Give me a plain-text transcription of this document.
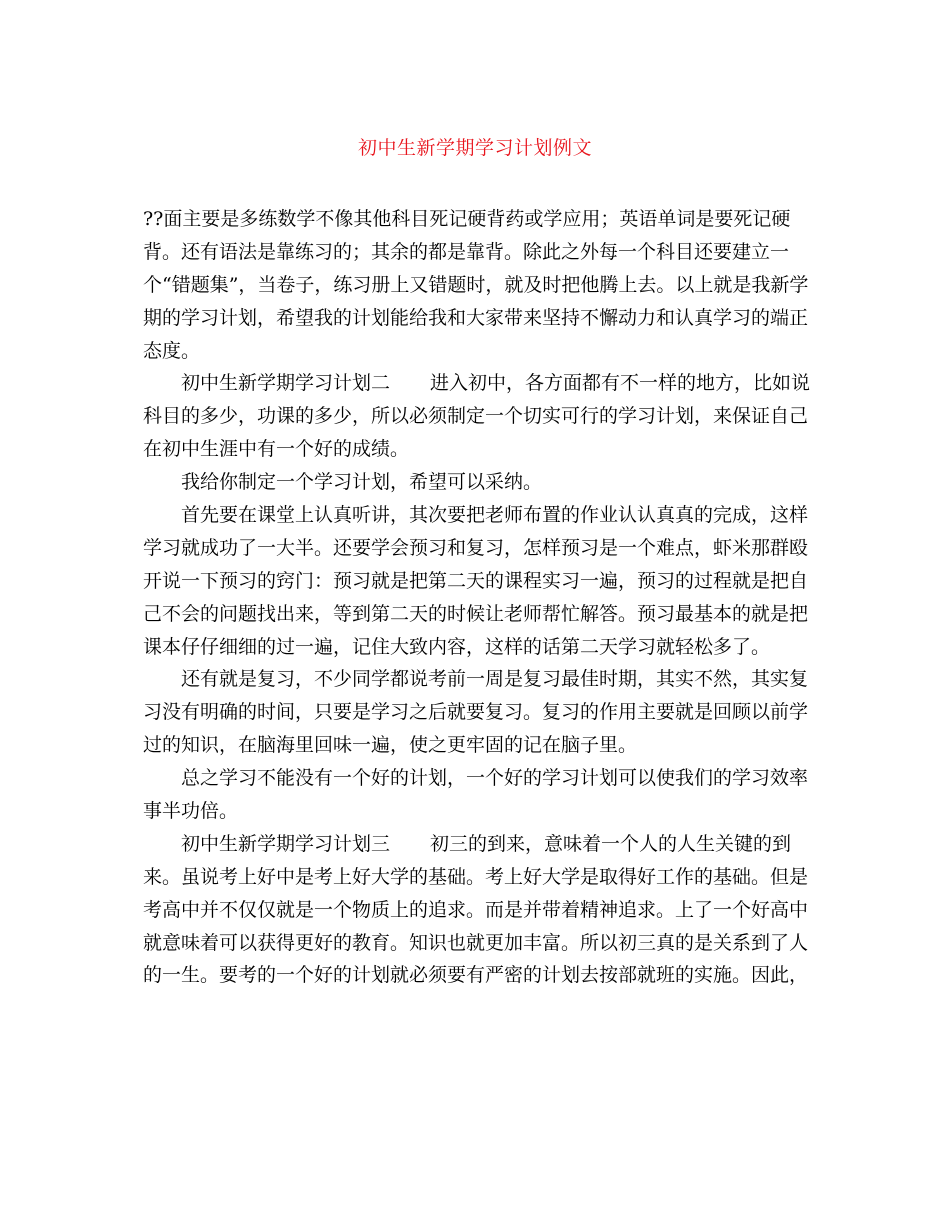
初中生新学期学习计划例文
??面主要是多练数学不像其他科目死记硬背药或学应用；英语单词是要死记硬
背。还有语法是靠练习的；其余的都是靠背。除此之外每一个科目还要建立一
个“错题集”，当卷子，练习册上又错题时，就及时把他腾上去。以上就是我新学
期的学习计划，希望我的计划能给我和大家带来坚持不懈动力和认真学习的端正
态度。
初中生新学期学习计划二 进入初中，各方面都有不一样的地方，比如说
科目的多少，功课的多少，所以必须制定一个切实可行的学习计划，来保证自己
在初中生涯中有一个好的成绩。
我给你制定一个学习计划，希望可以采纳。
首先要在课堂上认真听讲，其次要把老师布置的作业认认真真的完成，这样
学习就成功了一大半。还要学会预习和复习，怎样预习是一个难点，虾米那群殴
开说一下预习的窍门：预习就是把第二天的课程实习一遍，预习的过程就是把自
己不会的问题找出来，等到第二天的时候让老师帮忙解答。预习最基本的就是把
课本仔仔细细的过一遍，记住大致内容，这样的话第二天学习就轻松多了。
还有就是复习，不少同学都说考前一周是复习最佳时期，其实不然，其实复
习没有明确的时间，只要是学习之后就要复习。复习的作用主要就是回顾以前学
过的知识，在脑海里回味一遍，使之更牢固的记在脑子里。
总之学习不能没有一个好的计划，一个好的学习计划可以使我们的学习效率
事半功倍。
初中生新学期学习计划三 初三的到来，意味着一个人的人生关键的到
来。虽说考上好中是考上好大学的基础。考上好大学是取得好工作的基础。但是
考高中并不仅仅就是一个物质上的追求。而是并带着精神追求。上了一个好高中
就意味着可以获得更好的教育。知识也就更加丰富。所以初三真的是关系到了人
的一生。要考的一个好的计划就必须要有严密的计划去按部就班的实施。因此，
